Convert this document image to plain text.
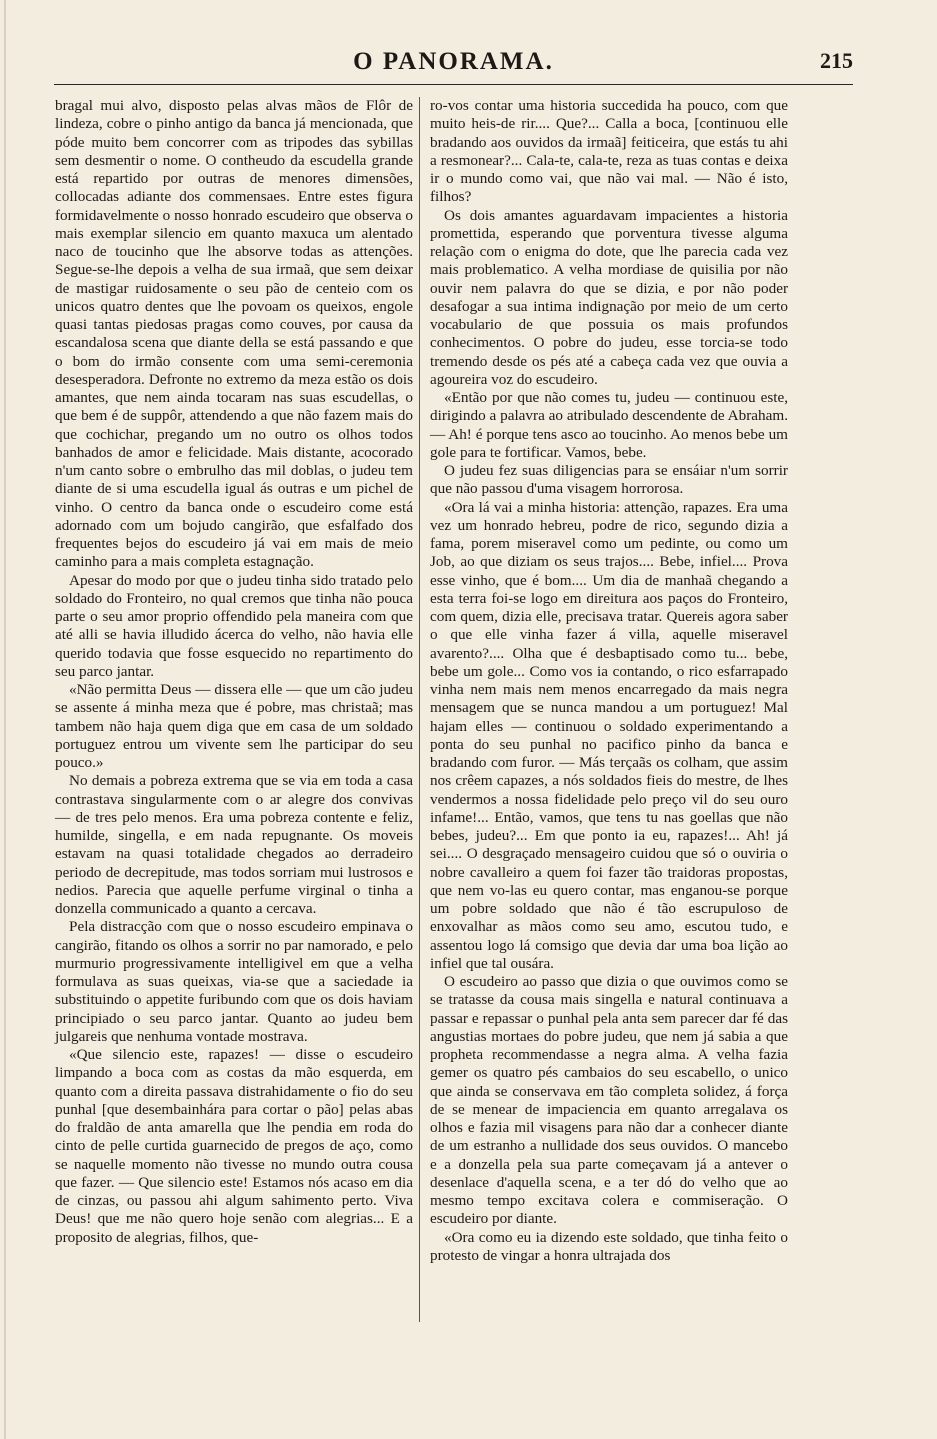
O PANORAMA.	215

bragal mui alvo, disposto pelas alvas mãos de Flôr de lindeza, cobre o pinho antigo da banca já mencionada, que póde muito bem concorrer com as tripodes das sybillas sem desmentir o nome. O contheudo da escudella grande está repartido por outras de menores dimensões, collocadas adiante dos commensaes. Entre estes figura formidavelmente o nosso honrado escudeiro que observa o mais exemplar silencio em quanto maxuca um alentado naco de toucinho que lhe absorve todas as attenções. Segue-se-lhe depois a velha de sua irmaã, que sem deixar de mastigar ruidosamente o seu pão de centeio com os unicos quatro dentes que lhe povoam os queixos, engole quasi tantas piedosas pragas como couves, por causa da escandalosa scena que diante della se está passando e que o bom do irmão consente com uma semi-ceremonia desesperadora. Defronte no extremo da meza estão os dois amantes, que nem ainda tocaram nas suas escudellas, o que bem é de suppôr, attendendo a que não fazem mais do que cochichar, pregando um no outro os olhos todos banhados de amor e felicidade. Mais distante, acocorado n'um canto sobre o embrulho das mil doblas, o judeu tem diante de si uma escudella igual ás outras e um pichel de vinho. O centro da banca onde o escudeiro come está adornado com um bojudo cangirão, que esfalfado dos frequentes bejos do escudeiro já vai em mais de meio caminho para a mais completa estagnação.

Apesar do modo por que o judeu tinha sido tratado pelo soldado do Fronteiro, no qual cremos que tinha não pouca parte o seu amor proprio offendido pela maneira com que até alli se havia illudido ácerca do velho, não havia elle querido todavia que fosse esquecido no repartimento do seu parco jantar.

«Não permitta Deus — dissera elle — que um cão judeu se assente á minha meza que é pobre, mas christaã; mas tambem não haja quem diga que em casa de um soldado portuguez entrou um vivente sem lhe participar do seu pouco.»

No demais a pobreza extrema que se via em toda a casa contrastava singularmente com o ar alegre dos convivas — de tres pelo menos. Era uma pobreza contente e feliz, humilde, singella, e em nada repugnante. Os moveis estavam na quasi totalidade chegados ao derradeiro periodo de decrepitude, mas todos sorriam mui lustrosos e nedios. Parecia que aquelle perfume virginal o tinha a donzella communicado a quanto a cercava.

Pela distracção com que o nosso escudeiro empinava o cangirão, fitando os olhos a sorrir no par namorado, e pelo murmurio progressivamente intelligivel em que a velha formulava as suas queixas, via-se que a saciedade ia substituindo o appetite furibundo com que os dois haviam principiado o seu parco jantar. Quanto ao judeu bem julgareis que nenhuma vontade mostrava.

«Que silencio este, rapazes! — disse o escudeiro limpando a boca com as costas da mão esquerda, em quanto com a direita passava distrahidamente o fio do seu punhal [que desembainhára para cortar o pão] pelas abas do fraldão de anta amarella que lhe pendia em roda do cinto de pelle curtida guarnecido de pregos de aço, como se naquelle momento não tivesse no mundo outra cousa que fazer. — Que silencio este! Estamos nós acaso em dia de cinzas, ou passou ahi algum sahimento perto. Viva Deus! que me não quero hoje senão com alegrias... E a proposito de alegrias, filhos, que-

ro-vos contar uma historia succedida ha pouco, com que muito heis-de rir.... Que?... Calla a boca, [continuou elle bradando aos ouvidos da irmaã] feiticeira, que estás tu ahi a resmonear?... Cala-te, cala-te, reza as tuas contas e deixa ir o mundo como vai, que não vai mal. — Não é isto, filhos?

Os dois amantes aguardavam impacientes a historia promettida, esperando que porventura tivesse alguma relação com o enigma do dote, que lhe parecia cada vez mais problematico. A velha mordiase de quisilia por não ouvir nem palavra do que se dizia, e por não poder desafogar a sua intima indignação por meio de um certo vocabulario de que possuia os mais profundos conhecimentos. O pobre do judeu, esse torcia-se todo tremendo desde os pés até a cabeça cada vez que ouvia a agoureira voz do escudeiro.

«Então por que não comes tu, judeu — continuou este, dirigindo a palavra ao atribulado descendente de Abraham. — Ah! é porque tens asco ao toucinho. Ao menos bebe um gole para te fortificar. Vamos, bebe.

O judeu fez suas diligencias para se ensáiar n'um sorrir que não passou d'uma visagem horrorosa.

«Ora lá vai a minha historia: attenção, rapazes. Era uma vez um honrado hebreu, podre de rico, segundo dizia a fama, porem miseravel como um pedinte, ou como um Job, ao que diziam os seus trajos.... Bebe, infiel.... Prova esse vinho, que é bom.... Um dia de manhaã chegando a esta terra foi-se logo em direitura aos paços do Fronteiro, com quem, dizia elle, precisava tratar. Quereis agora saber o que elle vinha fazer á villa, aquelle miseravel avarento?.... Olha que é desbaptisado como tu... bebe, bebe um gole... Como vos ia contando, o rico esfarrapado vinha nem mais nem menos encarregado da mais negra mensagem que se nunca mandou a um portuguez! Mal hajam elles — continuou o soldado experimentando a ponta do seu punhal no pacifico pinho da banca e bradando com furor. — Más terçaãs os colham, que assim nos crêem capazes, a nós soldados fieis do mestre, de lhes vendermos a nossa fidelidade pelo preço vil do seu ouro infame!... Então, vamos, que tens tu nas goellas que não bebes, judeu?... Em que ponto ia eu, rapazes!... Ah! já sei.... O desgraçado mensageiro cuidou que só o ouviria o nobre cavalleiro a quem foi fazer tão traidoras propostas, que nem vo-las eu quero contar, mas enganou-se porque um pobre soldado que não é tão escrupuloso de enxovalhar as mãos como seu amo, escutou tudo, e assentou logo lá comsigo que devia dar uma boa lição ao infiel que tal ousára.

O escudeiro ao passo que dizia o que ouvimos como se se tratasse da cousa mais singella e natural continuava a passar e repassar o punhal pela anta sem parecer dar fé das angustias mortaes do pobre judeu, que nem já sabia a que propheta recommendasse a negra alma. A velha fazia gemer os quatro pés cambaios do seu escabello, o unico que ainda se conservava em tão completa solidez, á força de se menear de impaciencia em quanto arregalava os olhos e fazia mil visagens para não dar a conhecer diante de um estranho a nullidade dos seus ouvidos. O mancebo e a donzella pela sua parte começavam já a antever o desenlace d'aquella scena, e a ter dó do velho que ao mesmo tempo excitava colera e commiseração. O escudeiro por diante.

«Ora como eu ia dizendo este soldado, que tinha feito o protesto de vingar a honra ultrajada dos
